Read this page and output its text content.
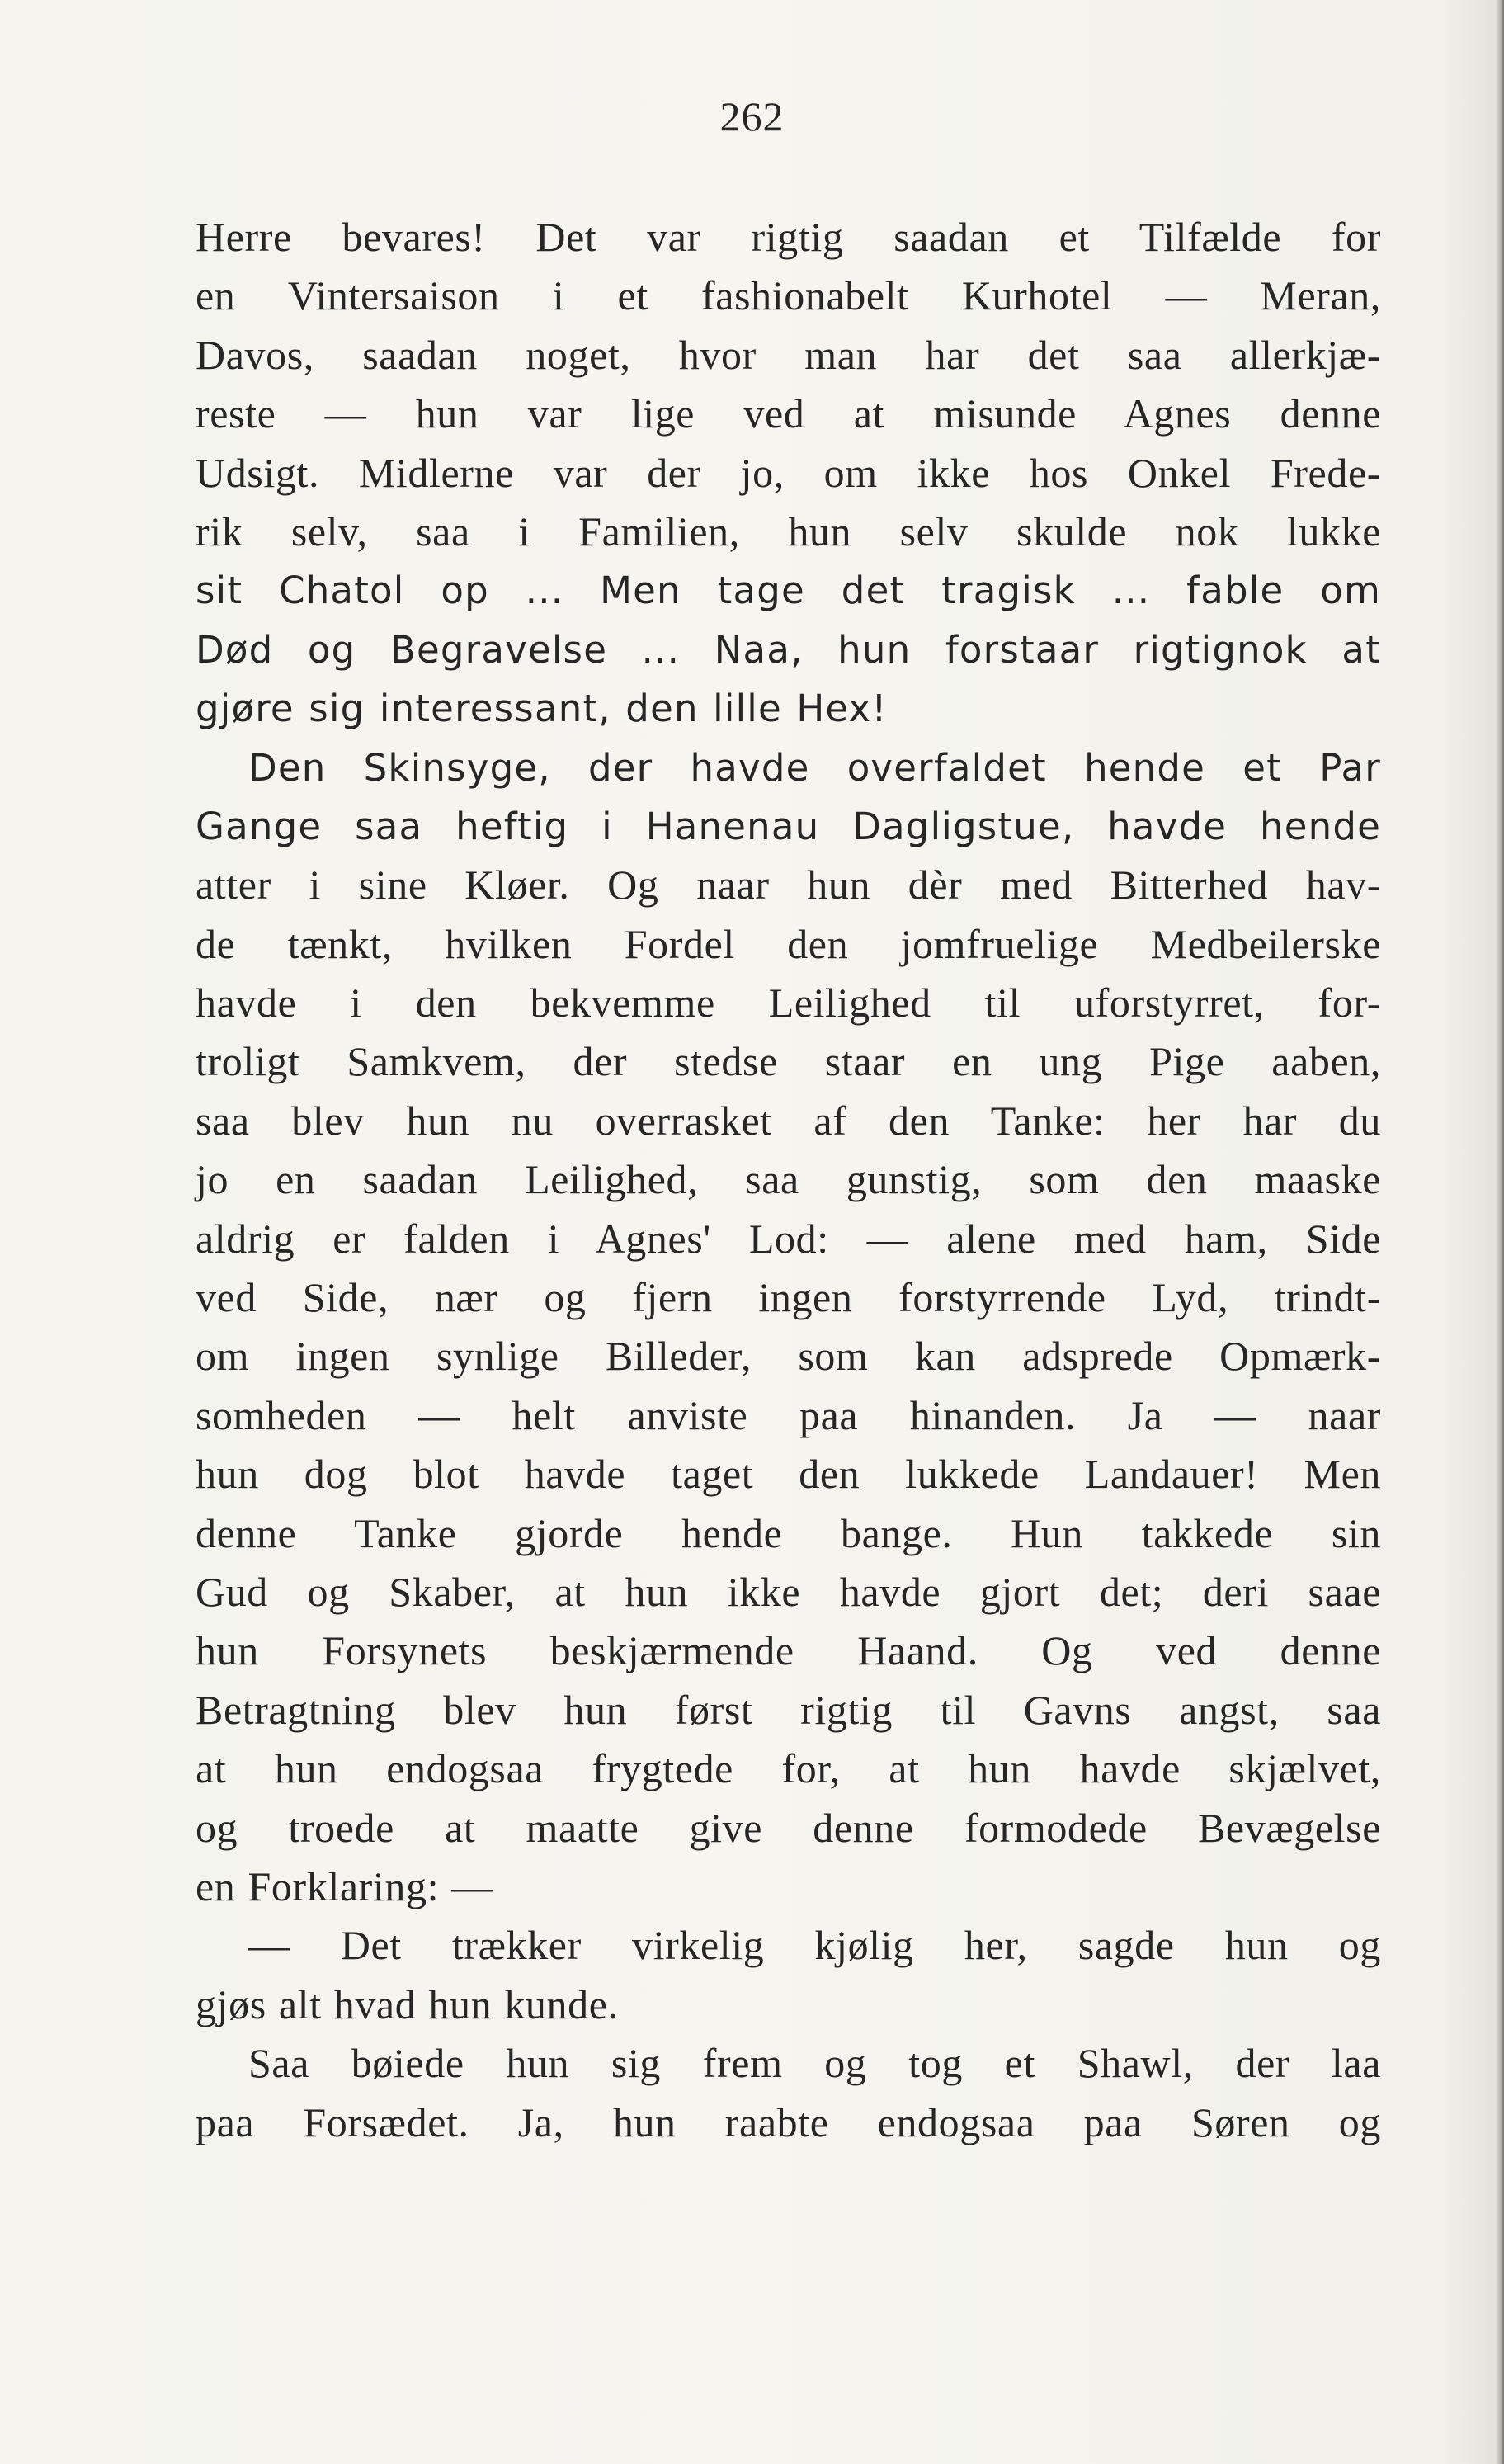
262
Herre bevares! Det var rigtig saadan et Tilfælde for
en Vintersaison i et fashionabelt Kurhotel — Meran,
Davos, saadan noget, hvor man har det saa allerkjæ-
reste — hun var lige ved at misunde Agnes denne
Udsigt. Midlerne var der jo, om ikke hos Onkel Frede-
rik selv, saa i Familien, hun selv skulde nok lukke
sit Chatol op ... Men tage det tragisk ... fable om
Død og Begravelse ... Naa, hun forstaar rigtignok at
gjøre sig interessant, den lille Hex!
Den Skinsyge, der havde overfaldet hende et Par
Gange saa heftig i Hanenau Dagligstue, havde hende
atter i sine Kløer. Og naar hun dèr med Bitterhed hav-
de tænkt, hvilken Fordel den jomfruelige Medbeilerske
havde i den bekvemme Leilighed til uforstyrret, for-
troligt Samkvem, der stedse staar en ung Pige aaben,
saa blev hun nu overrasket af den Tanke: her har du
jo en saadan Leilighed, saa gunstig, som den maaske
aldrig er falden i Agnes' Lod: — alene med ham, Side
ved Side, nær og fjern ingen forstyrrende Lyd, trindt-
om ingen synlige Billeder, som kan adsprede Opmærk-
somheden — helt anviste paa hinanden. Ja — naar
hun dog blot havde taget den lukkede Landauer! Men
denne Tanke gjorde hende bange. Hun takkede sin
Gud og Skaber, at hun ikke havde gjort det; deri saae
hun Forsynets beskjærmende Haand. Og ved denne
Betragtning blev hun først rigtig til Gavns angst, saa
at hun endogsaa frygtede for, at hun havde skjælvet,
og troede at maatte give denne formodede Bevægelse
en Forklaring: —
— Det trækker virkelig kjølig her, sagde hun og
gjøs alt hvad hun kunde.
Saa bøiede hun sig frem og tog et Shawl, der laa
paa Forsædet. Ja, hun raabte endogsaa paa Søren og
